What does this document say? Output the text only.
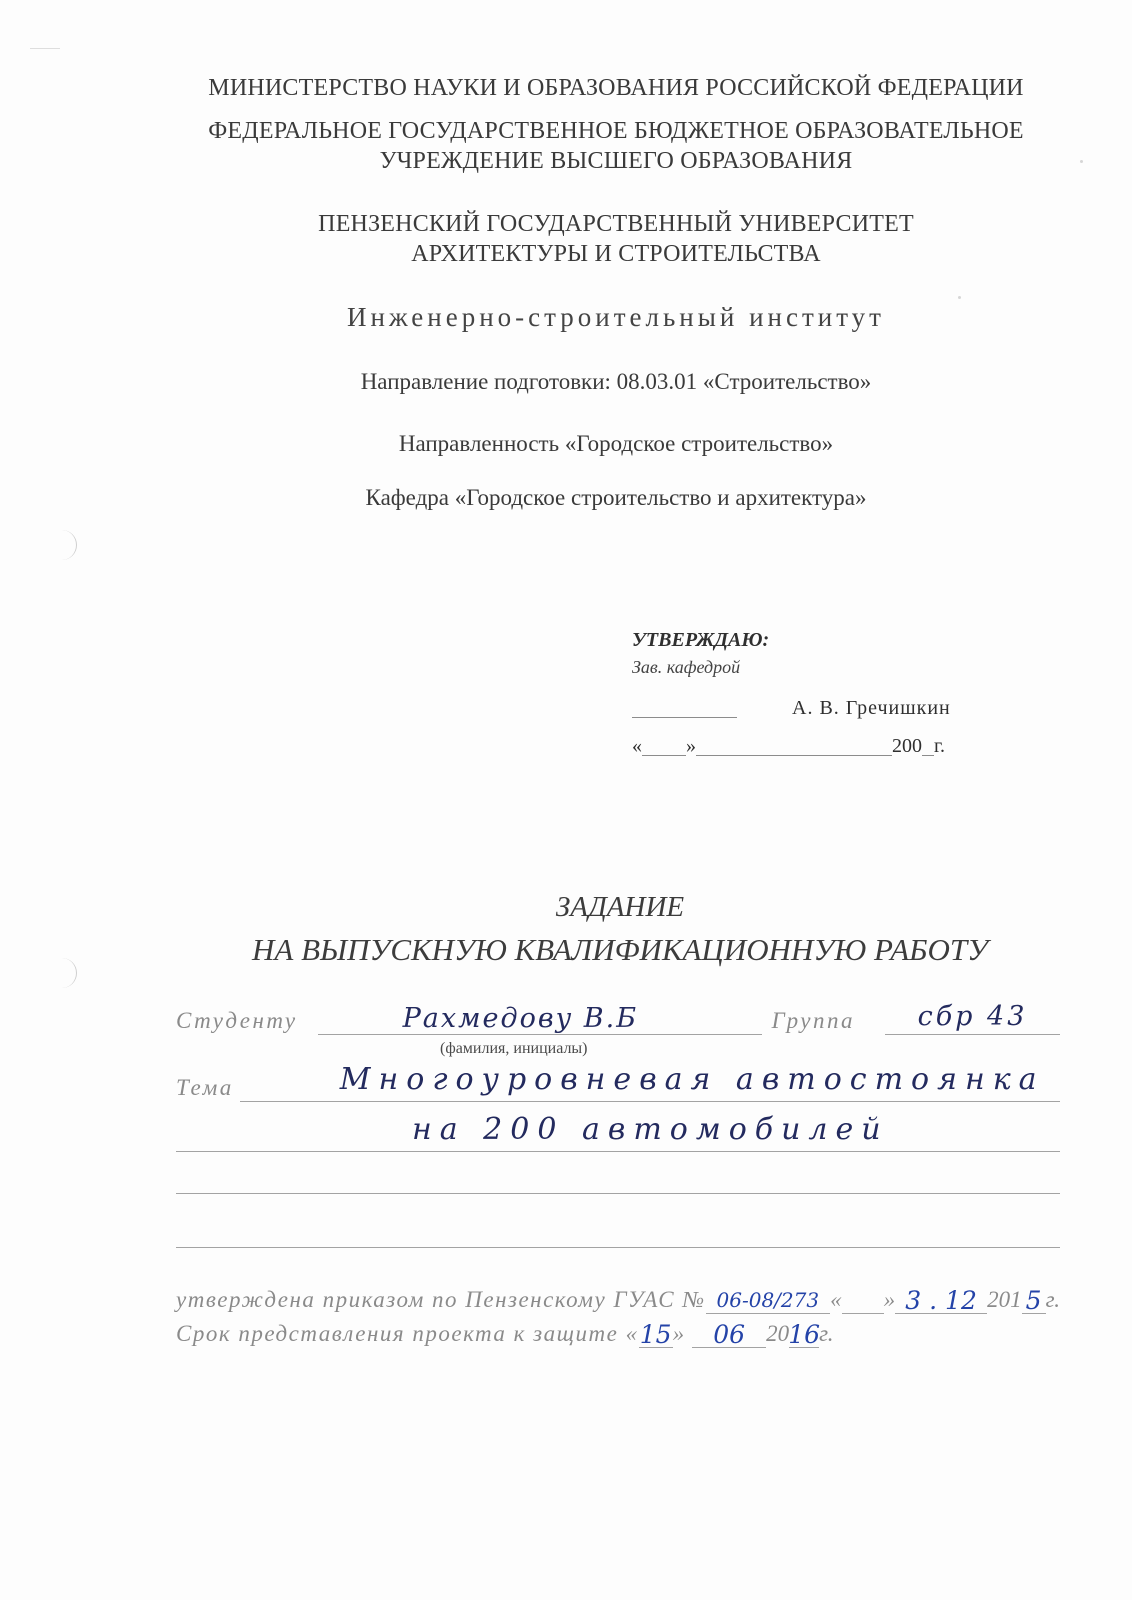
МИНИСТЕРСТВО НАУКИ И ОБРАЗОВАНИЯ РОССИЙСКОЙ ФЕДЕРАЦИИ
ФЕДЕРАЛЬНОЕ ГОСУДАРСТВЕННОЕ БЮДЖЕТНОЕ ОБРАЗОВАТЕЛЬНОЕ
УЧРЕЖДЕНИЕ ВЫСШЕГО ОБРАЗОВАНИЯ
ПЕНЗЕНСКИЙ ГОСУДАРСТВЕННЫЙ УНИВЕРСИТЕТ
АРХИТЕКТУРЫ И СТРОИТЕЛЬСТВА
Инженерно-строительный институт
Направление подготовки: 08.03.01 «Строительство»
Направленность «Городское строительство»
Кафедра «Городское строительство и архитектура»
УТВЕРЖДАЮ:
Зав. кафедрой
А. В. Гречишкин
« »	200 г.
ЗАДАНИЕ
НА ВЫПУСКНУЮ КВАЛИФИКАЦИОННУЮ РАБОТУ
Студенту	Рахмедову В.Б	Группа сбр 43
(фамилия, инициалы)
Тема	Многоуровневая автостоянка
на 200 автомобилей
утверждена приказом по Пензенскому ГУАС № 06-08/273 « » 3 . 12 201 5 г.
Срок представления проекта к защите « 15 » 06 20 16 г.
